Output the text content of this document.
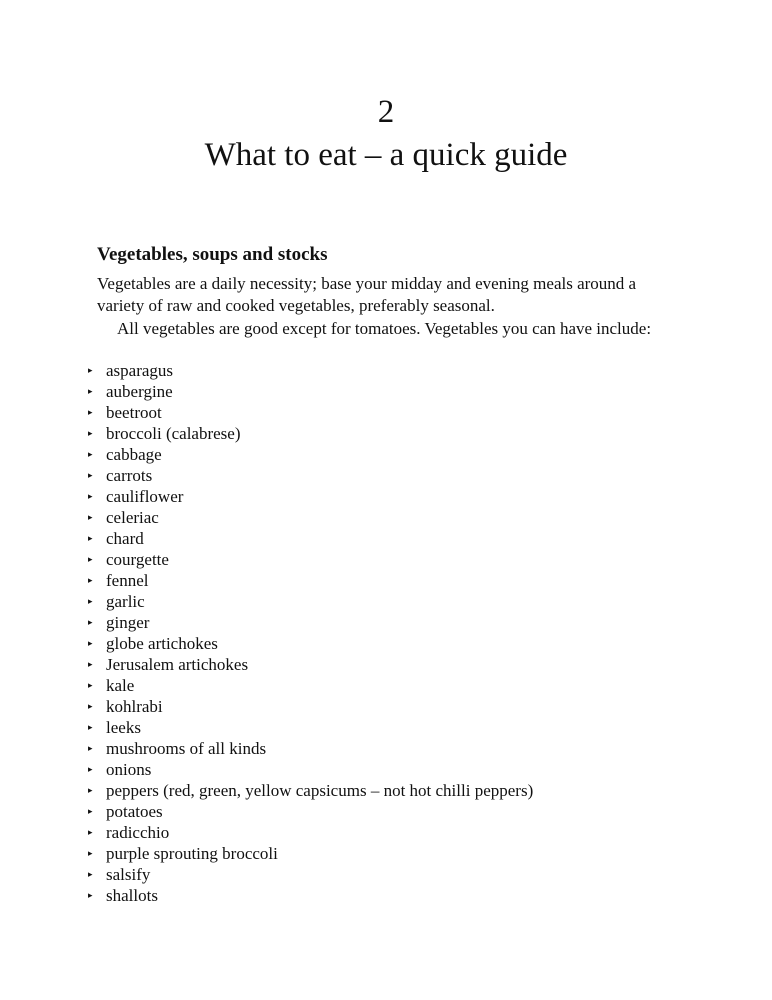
2
What to eat – a quick guide
Vegetables, soups and stocks

Vegetables are a daily necessity; base your midday and evening meals around a variety of raw and cooked vegetables, preferably seasonal.

All vegetables are good except for tomatoes. Vegetables you can have include:

▸ asparagus
▸ aubergine
▸ beetroot
▸ broccoli (calabrese)
▸ cabbage
▸ carrots
▸ cauliflower
▸ celeriac
▸ chard
▸ courgette
▸ fennel
▸ garlic
▸ ginger
▸ globe artichokes
▸ Jerusalem artichokes
▸ kale
▸ kohlrabi
▸ leeks
▸ mushrooms of all kinds
▸ onions
▸ peppers (red, green, yellow capsicums – not hot chilli peppers)
▸ potatoes
▸ radicchio
▸ purple sprouting broccoli
▸ salsify
▸ shallots
